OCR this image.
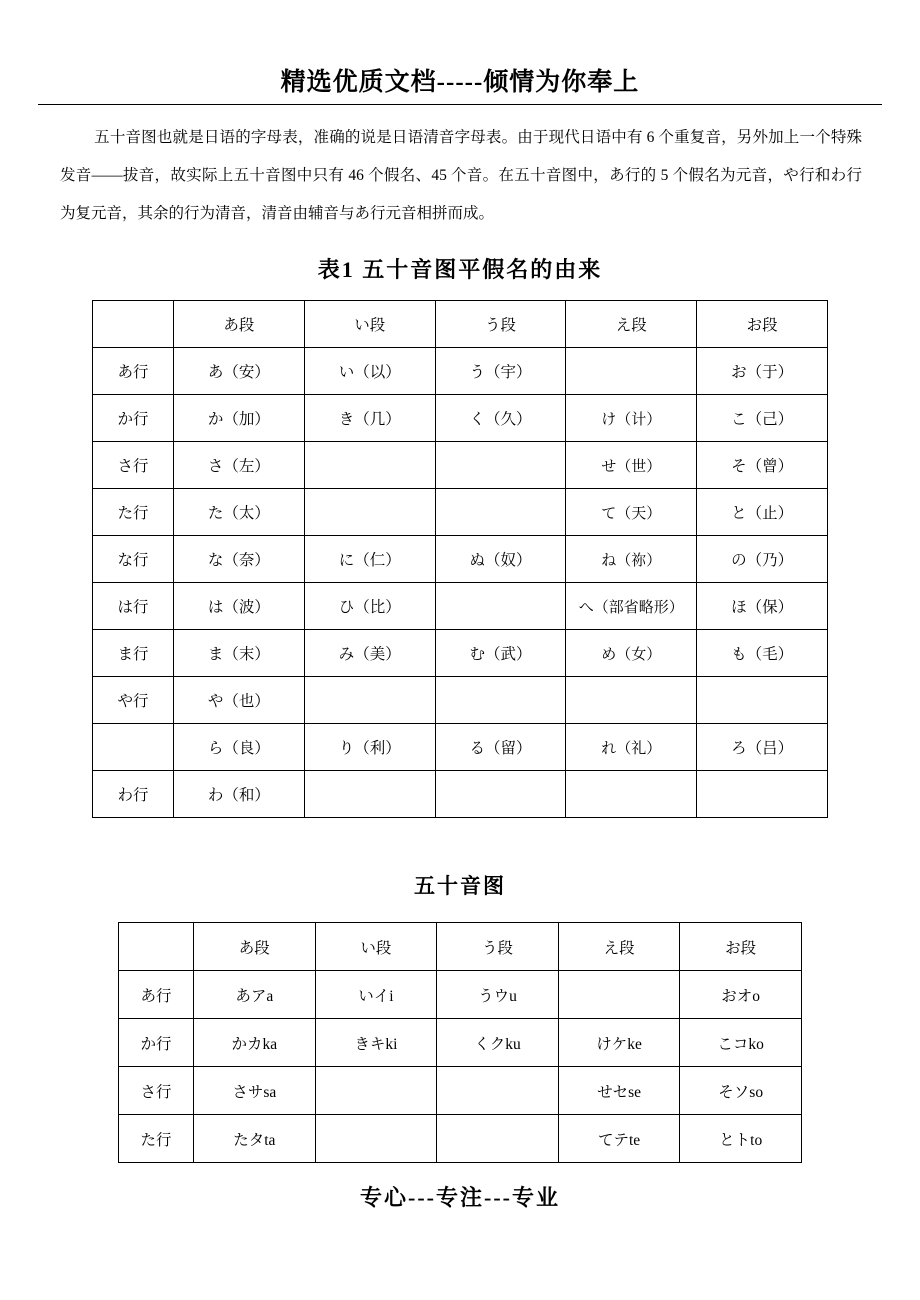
精选优质文档-----倾情为你奉上
五十音图也就是日语的字母表，准确的说是日语清音字母表。由于现代日语中有 6 个重复音，另外加上一个特殊发音——拔音，故实际上五十音图中只有 46 个假名、45 个音。在五十音图中，あ行的 5 个假名为元音，や行和わ行为复元音，其余的行为清音，清音由辅音与あ行元音相拼而成。
表1 五十音图平假名的由来
	あ段	い段	う段	え段	お段
あ行	あ（安）	い（以）	う（宇）		お（于）
か行	か（加）	き（几）	く（久）	け（计）	こ（己）
さ行	さ（左）			せ（世）	そ（曾）
た行	た（太）			て（天）	と（止）
な行	な（奈）	に（仁）	ぬ（奴）	ね（祢）	の（乃）
は行	は（波）	ひ（比）		へ（部省略形）	ほ（保）
ま行	ま（末）	み（美）	む（武）	め（女）	も（毛）
や行	や（也）				
	ら（良）	り（利）	る（留）	れ（礼）	ろ（吕）
わ行	わ（和）				
五十音图
	あ段	い段	う段	え段	お段
あ行	あアa	いイi	うウu		おオo
か行	かカka	きキki	くクku	けケke	こコko
さ行	さサsa			せセse	そソso
た行	たタta			てテte	とトto
专心---专注---专业
